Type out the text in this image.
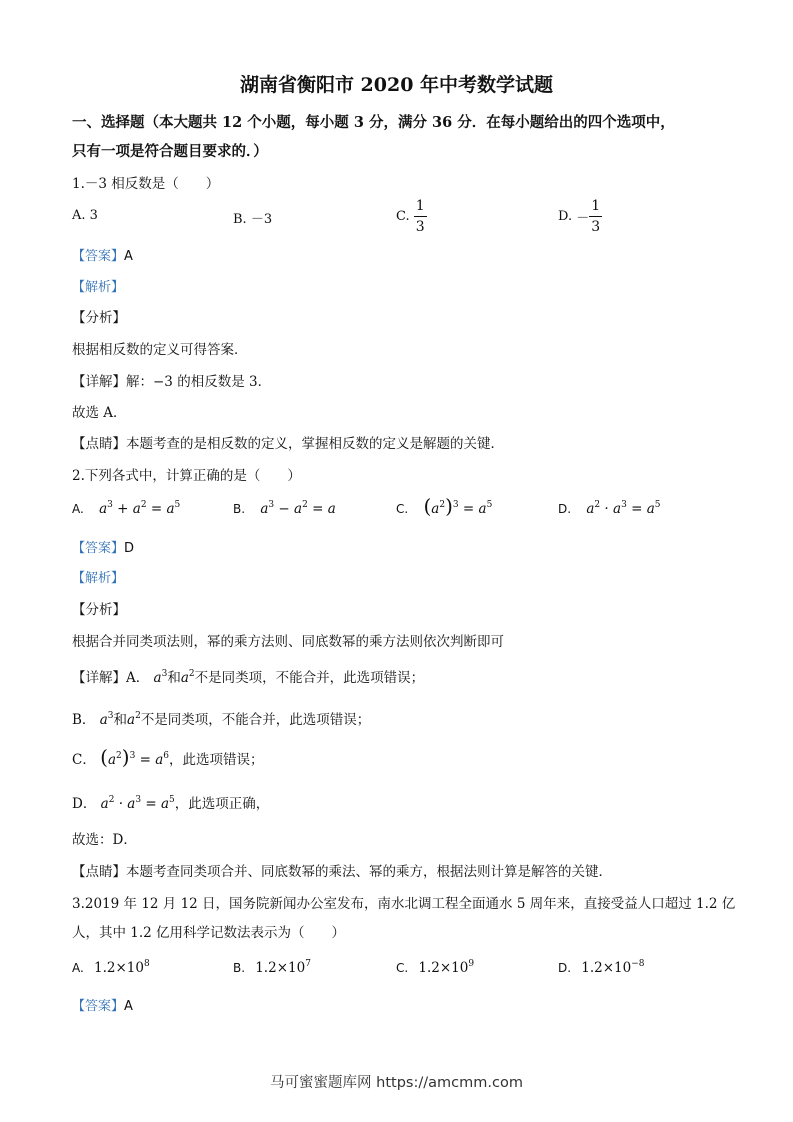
湖南省衡阳市 2020 年中考数学试题
一、选择题（本大题共 12 个小题，每小题 3 分，满分 36 分．在每小题给出的四个选项中，
只有一项是符合题目要求的．）
1.－3 相反数是（　　）
A. 3	B. －3	C. $\frac{1}{3}$	D. － $\frac{1}{3}$
【答案】A
【解析】
【分析】
根据相反数的定义可得答案．
【详解】解：−3 的相反数是 3．
故选 A．
【点睛】本题考查的是相反数的定义，掌握相反数的定义是解题的关键．
2.下列各式中，计算正确的是（　　）
A. $a^3 + a^2 = a^5$	B. $a^3 - a^2 = a$	C. $(a^2)^3 = a^5$	D. $a^2 \cdot a^3 = a^5$
【答案】D
【解析】
【分析】
根据合并同类项法则，幂的乘方法则、同底数幂的乘方法则依次判断即可
【详解】A． $a^3$和$a^2$不是同类项，不能合并，此选项错误；
B． $a^3$和$a^2$不是同类项，不能合并，此选项错误；
C． $(a^2)^3 = a^6$，此选项错误；
D． $a^2 \cdot a^3 = a^5$，此选项正确，
故选：D．
【点睛】本题考查同类项合并、同底数幂的乘法、幂的乘方，根据法则计算是解答的关键．
3.2019 年 12 月 12 日，国务院新闻办公室发布，南水北调工程全面通水 5 周年来，直接受益人口超过 1.2 亿
人，其中 1.2 亿用科学记数法表示为（　　）
A. $1.2\times 10^8$	B. $1.2\times 10^7$	C. $1.2\times 10^9$	D. $1.2\times 10^{-8}$
【答案】A
马可蜜蜜题库网 https://amcmm.com
